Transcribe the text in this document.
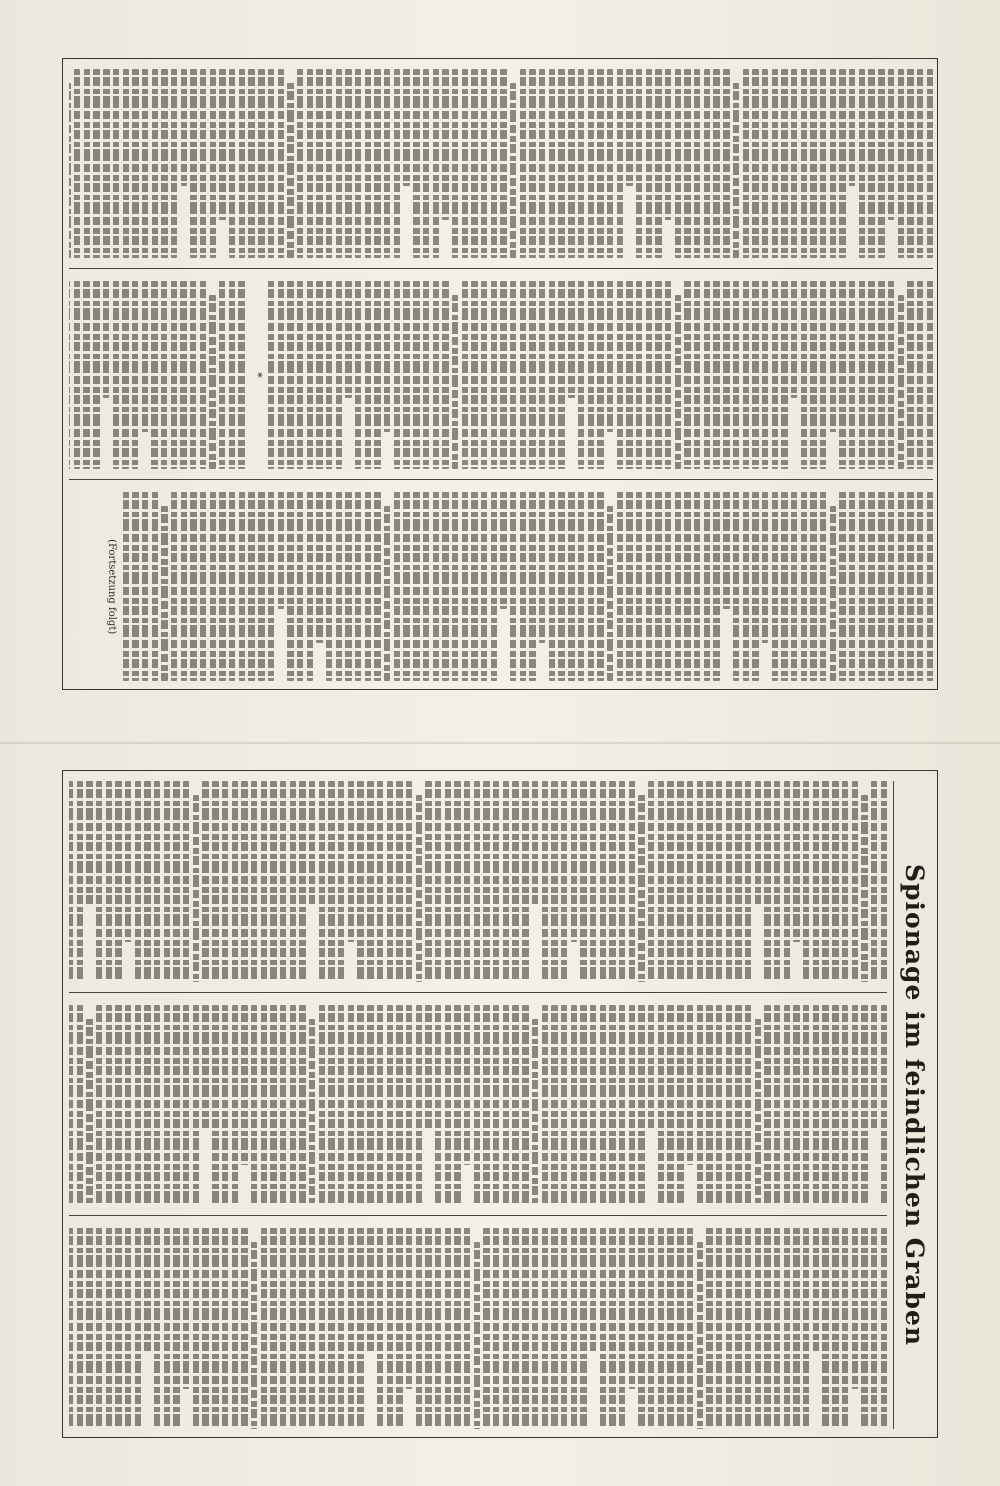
*
(Fortsetzung folgt)
Spionage im feindlichen Graben
